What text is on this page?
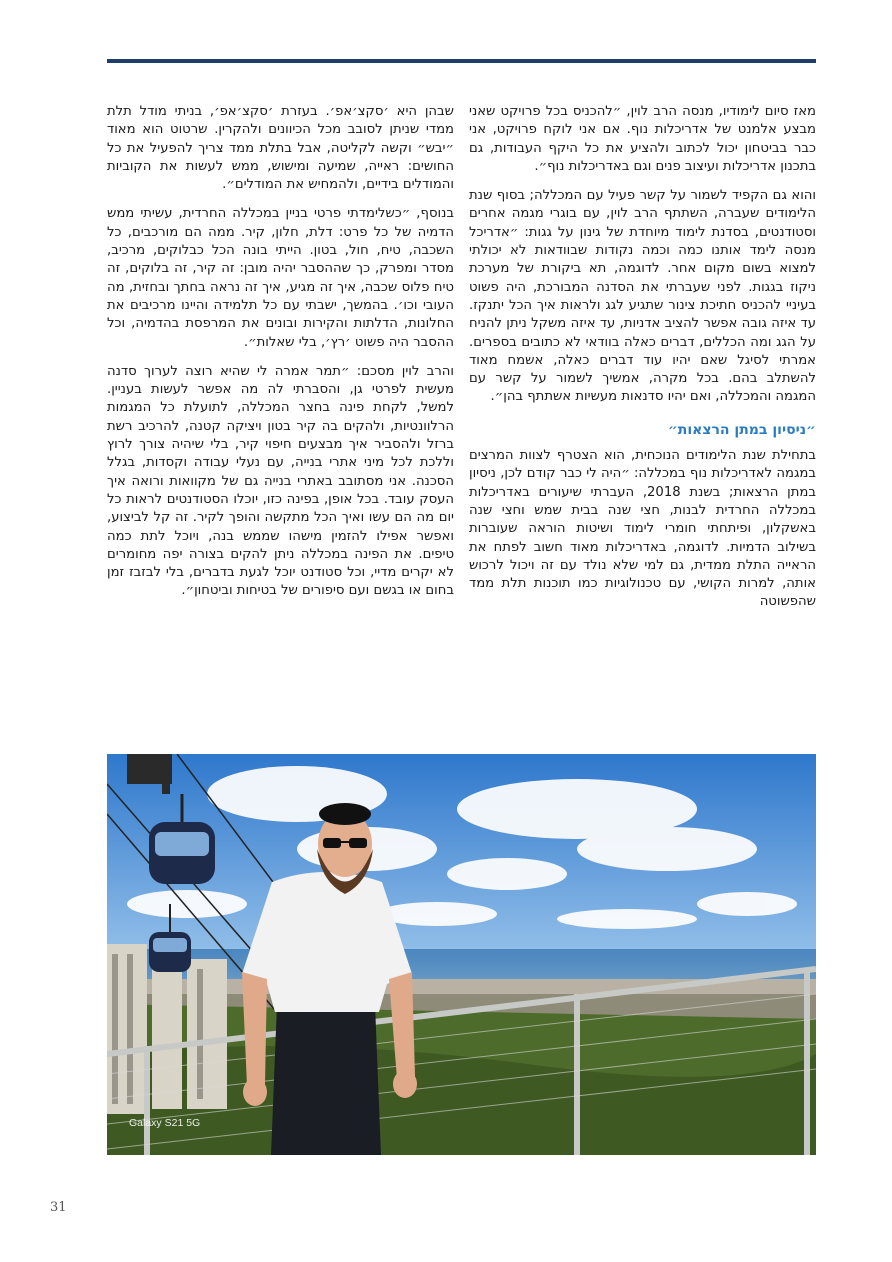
מאז סיום לימודיו, מנסה הרב לוין, ״להכניס בכל פרויקט שאני מבצע אלמנט של אדריכלות נוף. אם אני לוקח פרויקט, אני כבר בביטחון יכול לכתוב ולהציע את כל היקף העבודות, גם בתכנון אדריכלות ועיצוב פנים וגם באדריכלות נוף״.

והוא גם הקפיד לשמור על קשר פעיל עם המכללה; בסוף שנת הלימודים שעברה, השתתף הרב לוין, עם בוגרי מגמה אחרים וסטודנטים, בסדנת לימוד מיוחדת של גינון על גגות: ״אדריכל מנסה לימד אותנו כמה וכמה נקודות שבוודאות לא יכולתי למצוא בשום מקום אחר. לדוגמה, תא ביקורת של מערכת ניקוז בגגות. לפני שעברתי את הסדנה המבורכת, היה פשוט בעיניי להכניס חתיכת צינור שתגיע לגג ולראות איך הכל יתנקז. עד איזה גובה אפשר להציב אדניות, עד איזה משקל ניתן להניח על הגג ומה הכללים, דברים כאלה בוודאי לא כתובים בספרים. אמרתי לסיגל שאם יהיו עוד דברים כאלה, אשמח מאוד להשתלב בהם. בכל מקרה, אמשיך לשמור על קשר עם המגמה והמכללה, ואם יהיו סדנאות מעשיות אשתתף בהן״.

״ניסיון במתן הרצאות״

בתחילת שנת הלימודים הנוכחית, הוא הצטרף לצוות המרצים במגמה לאדריכלות נוף במכללה: ״היה לי כבר קודם לכן, ניסיון במתן הרצאות; בשנת 2018, העברתי שיעורים באדריכלות במכללה החרדית לבנות, חצי שנה בבית שמש וחצי שנה באשקלון, ופיתחתי חומרי לימוד ושיטות הוראה שעוברות בשילוב הדמיות. לדוגמה, באדריכלות מאוד חשוב לפתח את הראייה התלת ממדית, גם למי שלא נולד עם זה ויכול לרכוש אותה, למרות הקושי, עם טכנולוגיות כמו תוכנות תלת ממד שהפשוטה

שבהן היא ׳סקצ׳אפ׳. בעזרת ׳סקצ׳אפ׳, בניתי מודל תלת ממדי שניתן לסובב מכל הכיוונים ולהקרין. שרטוט הוא מאוד ״יבש״ וקשה לקליטה, אבל בתלת ממד צריך להפעיל את כל החושים: ראייה, שמיעה ומישוש, ממש לעשות את הקוביות והמודלים בידיים, ולהמחיש את המודלים״.

בנוסף, ״כשלימדתי פרטי בניין במכללה החרדית, עשיתי ממש הדמיה של כל פרט: דלת, חלון, קיר. ממה הם מורכבים, כל השכבה, טיח, חול, בטון. הייתי בונה הכל כבלוקים, מרכיב, מסדר ומפרק, כך שההסבר יהיה מובן: זה קיר, זה בלוקים, זה טיח פלוס שכבה, איך זה מגיע, איך זה נראה בחתך ובחזית, מה העובי וכו׳. בהמשך, ישבתי עם כל תלמידה והיינו מרכיבים את החלונות, הדלתות והקירות ובונים את המרפסת בהדמיה, וכל ההסבר היה פשוט ׳רץ׳, בלי שאלות״.

והרב לוין מסכם: ״תמר אמרה לי שהיא רוצה לערוך סדנה מעשית לפרטי גן, והסברתי לה מה אפשר לעשות בעניין. למשל, לקחת פינה בחצר המכללה, לתועלת כל המגמות הרלוונטיות, ולהקים בה קיר בטון ויציקה קטנה, להרכיב רשת ברזל ולהסביר איך מבצעים חיפוי קיר, בלי שיהיה צורך לרוץ וללכת לכל מיני אתרי בנייה, עם נעלי עבודה וקסדות, בגלל הסכנה. אני מסתובב באתרי בנייה גם של מקוואות ורואה איך העסק עובד. בכל אופן, בפינה כזו, יוכלו הסטודנטים לראות כל יום מה הם עשו ואיך הכל מתקשה והופך לקיר. זה קל לביצוע, ואפשר אפילו להזמין מישהו שממש בנה, ויוכל לתת כמה טיפים. את הפינה במכללה ניתן להקים בצורה יפה מחומרים לא יקרים מדיי, וכל סטודנט יוכל לגעת בדברים, בלי לבזבז זמן בחום או בגשם ועם סיפורים של בטיחות וביטחון״.

Galaxy S21 5G
31
